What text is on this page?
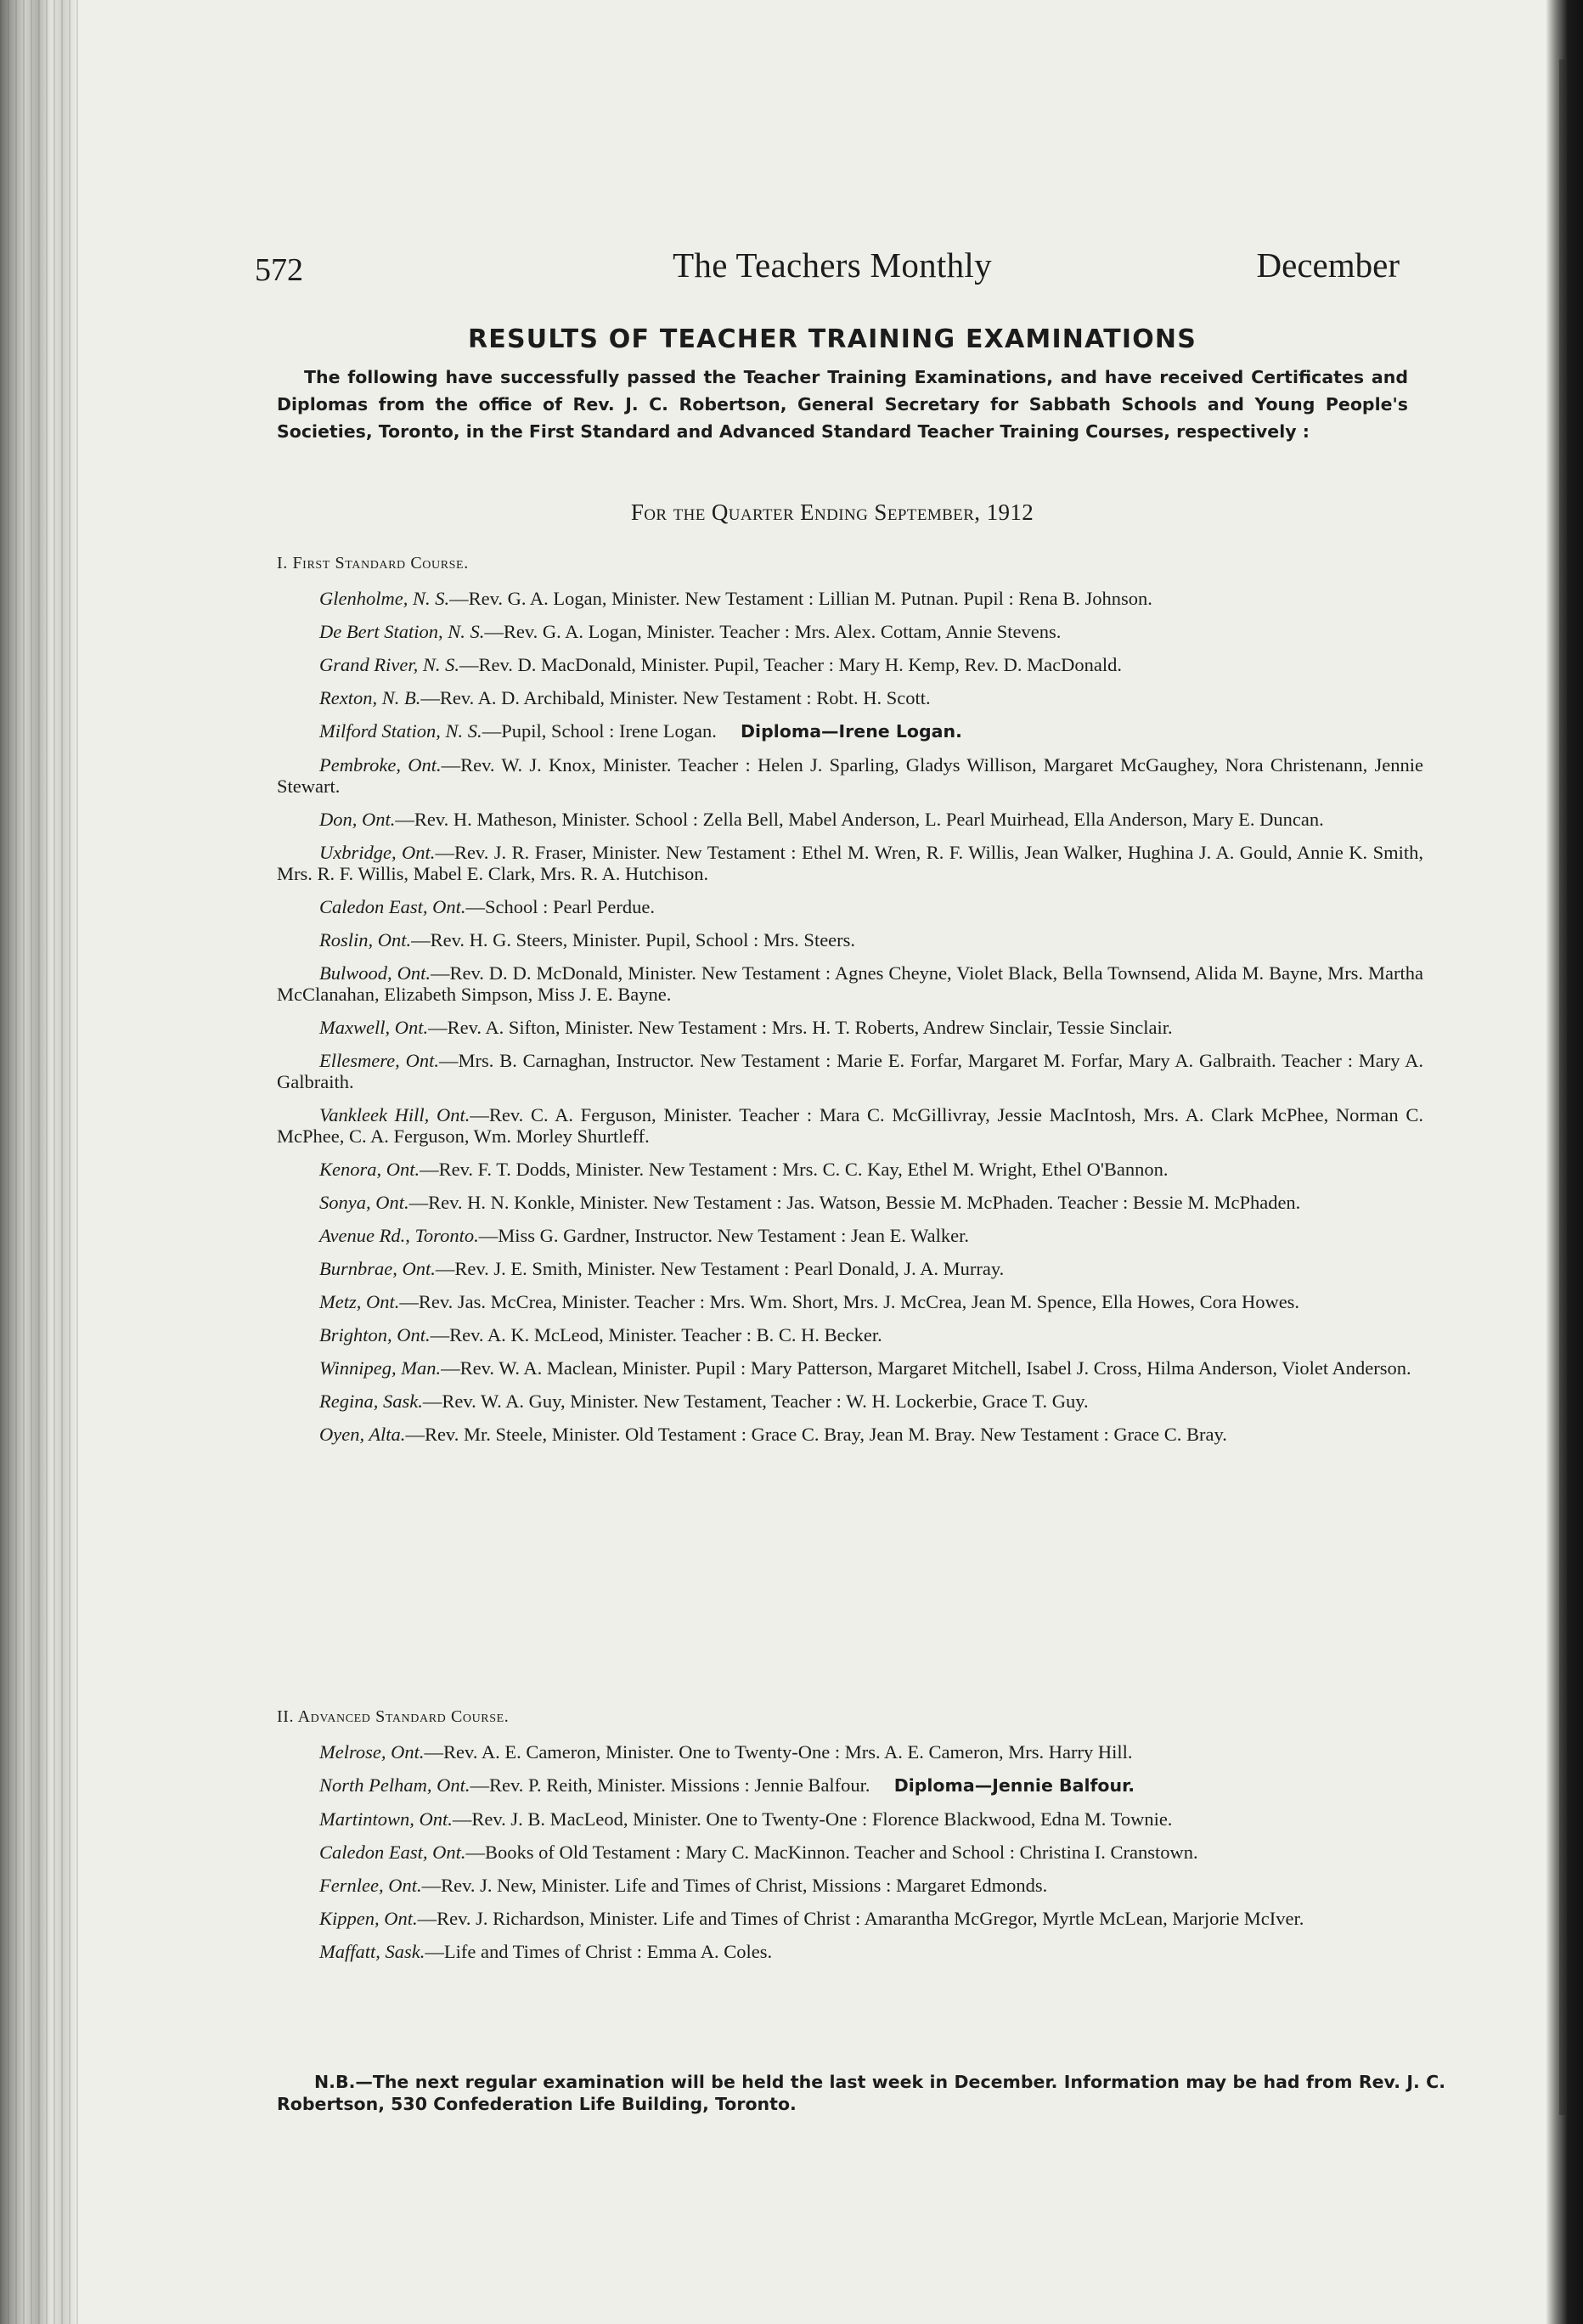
The Teachers Monthly
572	December
RESULTS OF TEACHER TRAINING EXAMINATIONS
The following have successfully passed the Teacher Training Examinations, and have received Certificates and Diplomas from the office of Rev. J. C. Robertson, General Secretary for Sabbath Schools and Young People's Societies, Toronto, in the First Standard and Advanced Standard Teacher Training Courses, respectively :
For the Quarter Ending September, 1912
I. First Standard Course.

Glenholme, N. S.—Rev. G. A. Logan, Minister. New Testament : Lillian M. Putnan. Pupil : Rena B. Johnson.

De Bert Station, N. S.—Rev. G. A. Logan, Minister. Teacher : Mrs. Alex. Cottam, Annie Stevens.

Grand River, N. S.—Rev. D. MacDonald, Minister. Pupil, Teacher : Mary H. Kemp, Rev. D. MacDonald.

Rexton, N. B.—Rev. A. D. Archibald, Minister. New Testament : Robt. H. Scott.

Milford Station, N. S.—Pupil, School : Irene Logan.  Diploma—Irene Logan.

Pembroke, Ont.—Rev. W. J. Knox, Minister. Teacher : Helen J. Sparling, Gladys Willison, Margaret McGaughey, Nora Christenann, Jennie Stewart.

Don, Ont.—Rev. H. Matheson, Minister. School : Zella Bell, Mabel Anderson, L. Pearl Muirhead, Ella Anderson, Mary E. Duncan.

Uxbridge, Ont.—Rev. J. R. Fraser, Minister. New Testament : Ethel M. Wren, R. F. Willis, Jean Walker, Hughina J. A. Gould, Annie K. Smith, Mrs. R. F. Willis, Mabel E. Clark, Mrs. R. A. Hutchison.

Caledon East, Ont.—School : Pearl Perdue.

Roslin, Ont.—Rev. H. G. Steers, Minister. Pupil, School : Mrs. Steers.

Bulwood, Ont.—Rev. D. D. McDonald, Minister. New Testament : Agnes Cheyne, Violet Black, Bella Townsend, Alida M. Bayne, Mrs. Martha McClanahan, Elizabeth Simpson, Miss J. E. Bayne.

Maxwell, Ont.—Rev. A. Sifton, Minister. New Testament : Mrs. H. T. Roberts, Andrew Sinclair, Tessie Sinclair.

Ellesmere, Ont.—Mrs. B. Carnaghan, Instructor. New Testament : Marie E. Forfar, Margaret M. Forfar, Mary A. Galbraith. Teacher : Mary A. Galbraith.

Vankleek Hill, Ont.—Rev. C. A. Ferguson, Minister. Teacher : Mara C. McGillivray, Jessie MacIntosh, Mrs. A. Clark McPhee, Norman C. McPhee, C. A. Ferguson, Wm. Morley Shurtleff.

Kenora, Ont.—Rev. F. T. Dodds, Minister. New Testament : Mrs. C. C. Kay, Ethel M. Wright, Ethel O'Bannon.

Sonya, Ont.—Rev. H. N. Konkle, Minister. New Testament : Jas. Watson, Bessie M. McPhaden. Teacher : Bessie M. McPhaden.

Avenue Rd., Toronto.—Miss G. Gardner, Instructor. New Testament : Jean E. Walker.

Burnbrae, Ont.—Rev. J. E. Smith, Minister. New Testament : Pearl Donald, J. A. Murray.

Metz, Ont.—Rev. Jas. McCrea, Minister. Teacher : Mrs. Wm. Short, Mrs. J. McCrea, Jean M. Spence, Ella Howes, Cora Howes.

Brighton, Ont.—Rev. A. K. McLeod, Minister. Teacher : B. C. H. Becker.

Winnipeg, Man.—Rev. W. A. Maclean, Minister. Pupil : Mary Patterson, Margaret Mitchell, Isabel J. Cross, Hilma Anderson, Violet Anderson.

Regina, Sask.—Rev. W. A. Guy, Minister. New Testament, Teacher : W. H. Lockerbie, Grace T. Guy.

Oyen, Alta.—Rev. Mr. Steele, Minister. Old Testament : Grace C. Bray, Jean M. Bray. New Testament : Grace C. Bray.

II. Advanced Standard Course.

Melrose, Ont.—Rev. A. E. Cameron, Minister. One to Twenty-One : Mrs. A. E. Cameron, Mrs. Harry Hill.

North Pelham, Ont.—Rev. P. Reith, Minister. Missions : Jennie Balfour.  Diploma—Jennie Balfour.

Martintown, Ont.—Rev. J. B. MacLeod, Minister. One to Twenty-One : Florence Blackwood, Edna M. Townie.

Caledon East, Ont.—Books of Old Testament : Mary C. MacKinnon. Teacher and School : Christina I. Cranstown.

Fernlee, Ont.—Rev. J. New, Minister. Life and Times of Christ, Missions : Margaret Edmonds.

Kippen, Ont.—Rev. J. Richardson, Minister. Life and Times of Christ : Amarantha McGregor, Myrtle McLean, Marjorie McIver.

Maffatt, Sask.—Life and Times of Christ : Emma A. Coles.

N.B.—The next regular examination will be held the last week in December. Information may be had from Rev. J. C. Robertson, 530 Confederation Life Building, Toronto.
